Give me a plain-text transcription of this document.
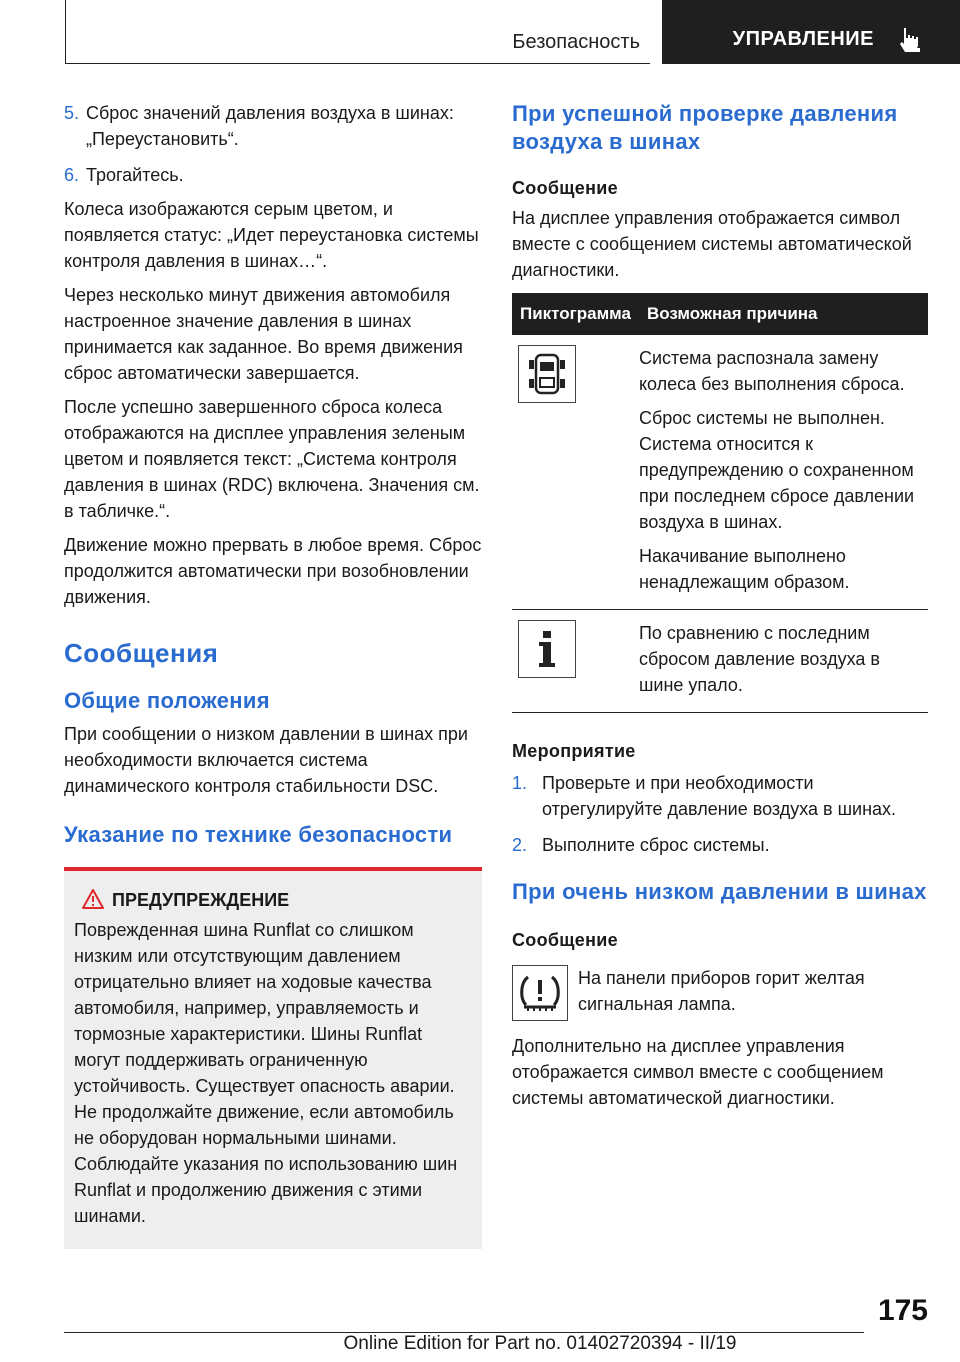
Безопасность	УПРАВЛЕНИЕ
5. Сброс значений давления воздуха в шинах: „Переустановить“.
6. Трогайтесь.

Колеса изображаются серым цветом, и появляется статус: „Идет переустановка системы контроля давления в шинах…“.

Через несколько минут движения автомобиля настроенное значение давления в шинах принимается как заданное. Во время движения сброс автоматически завершается.

После успешно завершенного сброса колеса отображаются на дисплее управления зеленым цветом и появляется текст: „Система контроля давления в шинах (RDC) включена. Значения см. в табличке.“.

Движение можно прервать в любое время. Сброс продолжится автоматически при возобновлении движения.

Сообщения
Общие положения

При сообщении о низком давлении в шинах при необходимости включается система динамического контроля стабильности DSC.

Указание по технике безопасности
ПРЕДУПРЕЖДЕНИЕ

Поврежденная шина Runflat со слишком низким или отсутствующим давлением отрицательно влияет на ходовые качества автомобиля, например, управляемость и тормозные характеристики. Шины Runflat могут поддерживать ограниченную устойчивость. Существует опасность аварии. Не продолжайте движение, если автомобиль не оборудован нормальными шинами. Соблюдайте указания по использованию шин Runflat и продолжению движения с этими шинами.

При успешной проверке давления воздуха в шинах
Сообщение

На дисплее управления отображается символ вместе с сообщением системы автоматической диагностики.

Пиктограмма	Возможная причина

Система распознала замену колеса без выполнения сброса.

Сброс системы не выполнен. Система относится к предупреждению о сохраненном при последнем сбросе давлении воздуха в шинах.

Накачивание выполнено ненадлежащим образом.

По сравнению с последним сбросом давление воздуха в шине упало.

Мероприятие
1. Проверьте и при необходимости отрегулируйте давление воздуха в шинах.
2. Выполните сброс системы.
При очень низком давлении в шинах
Сообщение

На панели приборов горит желтая сигнальная лампа.

Дополнительно на дисплее управления отображается символ вместе с сообщением системы автоматической диагностики.

175
Online Edition for Part no. 01402720394 - II/19
